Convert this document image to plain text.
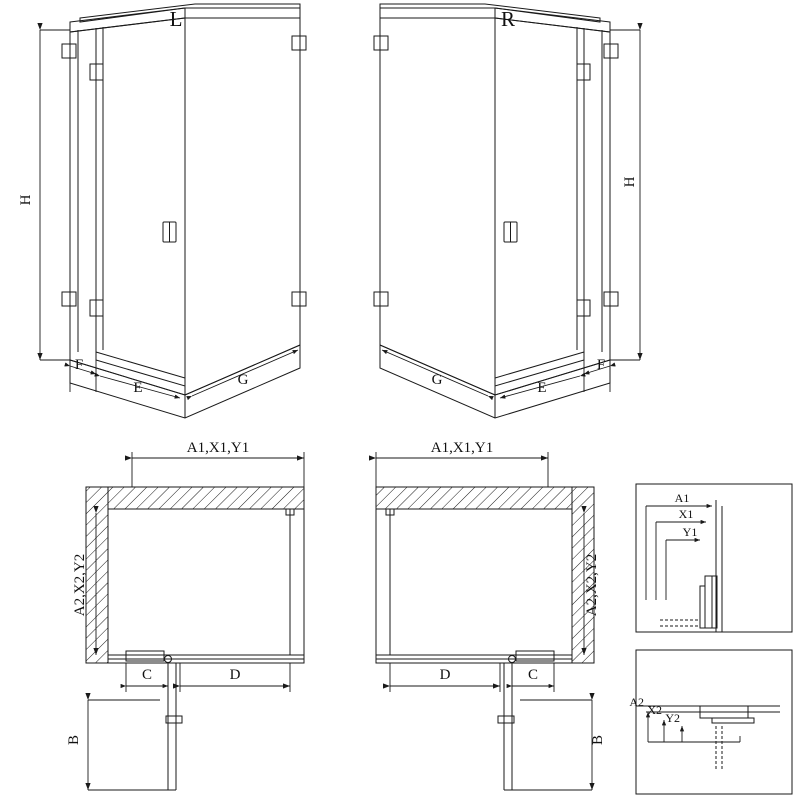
L
H
F
E	G
R
H
F
E
G
A1,X1,Y1
A2,X2,Y2
C	D
B
A1,X1,Y1
A2,X2,Y2
D	C
B
A1
X1
Y1
A2
X2
Y2
